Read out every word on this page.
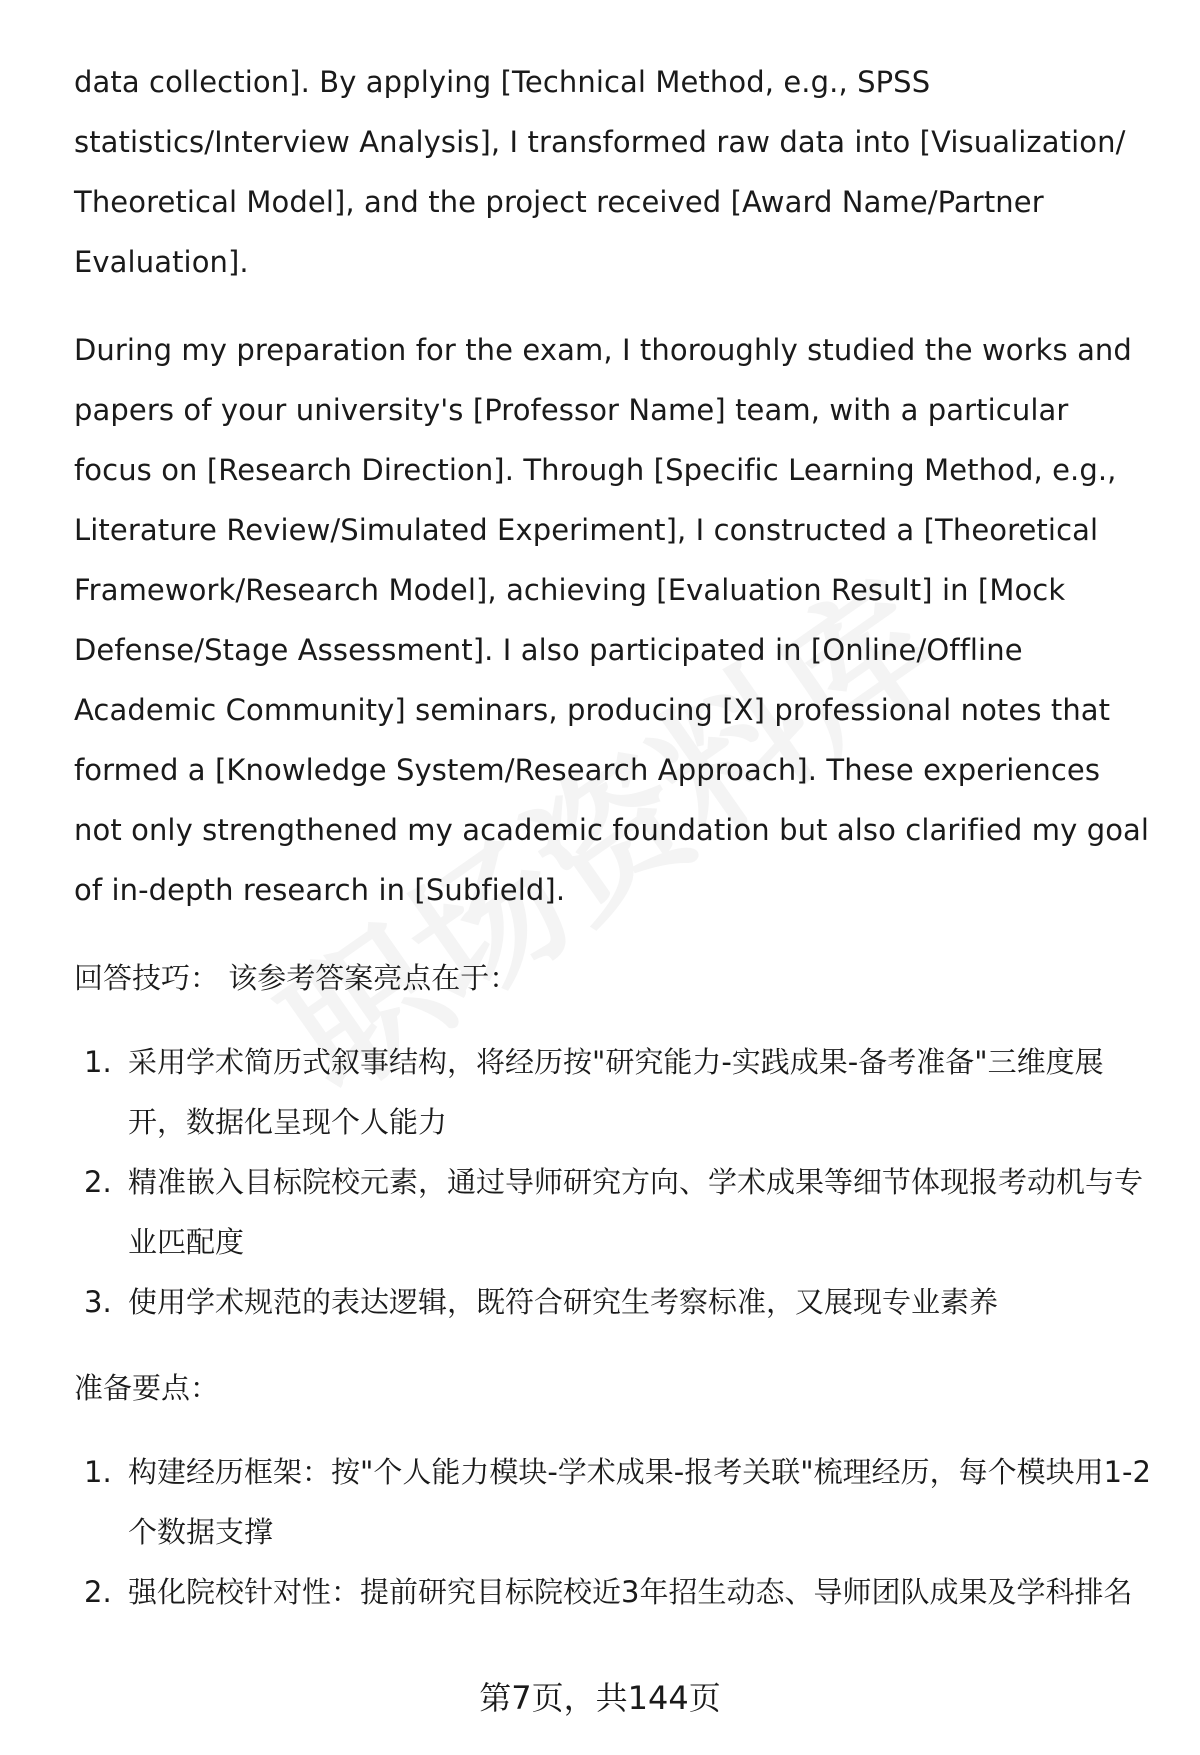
data collection]. By applying [Technical Method, e.g., SPSS statistics/Interview Analysis], I transformed raw data into [Visualization/ Theoretical Model], and the project received [Award Name/Partner Evaluation].

During my preparation for the exam, I thoroughly studied the works and papers of your university's [Professor Name] team, with a particular focus on [Research Direction]. Through [Specific Learning Method, e.g., Literature Review/Simulated Experiment], I constructed a [Theoretical Framework/Research Model], achieving [Evaluation Result] in [Mock Defense/Stage Assessment]. I also participated in [Online/Offline Academic Community] seminars, producing [X] professional notes that formed a [Knowledge System/Research Approach]. These experiences not only strengthened my academic foundation but also clarified my goal of in-depth research in [Subfield].

回答技巧： 该参考答案亮点在于：
1. 采用学术简历式叙事结构，将经历按"研究能力-实践成果-备考准备"三维度展开，数据化呈现个人能力
2. 精准嵌入目标院校元素，通过导师研究方向、学术成果等细节体现报考动机与专业匹配度
3. 使用学术规范的表达逻辑，既符合研究生考察标准，又展现专业素养
准备要点：
1. 构建经历框架：按"个人能力模块-学术成果-报考关联"梳理经历，每个模块用1-2个数据支撑
2. 强化院校针对性：提前研究目标院校近3年招生动态、导师团队成果及学科排名
第7页，共144页
